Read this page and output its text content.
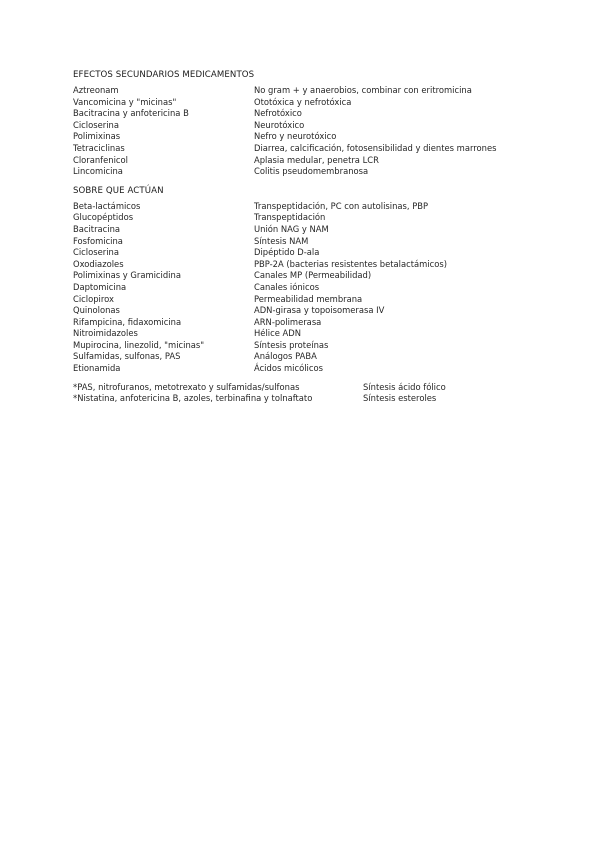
EFECTOS SECUNDARIOS MEDICAMENTOS
Aztreonam	No gram + y anaerobios, combinar con eritromicina
Vancomicina y "micinas"	Ototóxica y nefrotóxica
Bacitracina y anfotericina B	Nefrotóxico
Cicloserina	Neurotóxico
Polimixinas	Nefro y neurotóxico
Tetraciclinas	Diarrea, calcificación, fotosensibilidad y dientes marrones
Cloranfenicol	Aplasia medular, penetra LCR
Lincomicina	Colitis pseudomembranosa
SOBRE QUE ACTÚAN
Beta-lactámicos	Transpeptidación, PC con autolisinas, PBP
Glucopéptidos	Transpeptidación
Bacitracina	Unión NAG y NAM
Fosfomicina	Síntesis NAM
Cicloserina	Dipéptido D-ala
Oxodiazoles	PBP-2A (bacterias resistentes betalactámicos)
Polimixinas y Gramicidina	Canales MP (Permeabilidad)
Daptomicina	Canales iónicos
Ciclopirox	Permeabilidad membrana
Quinolonas	ADN-girasa y topoisomerasa IV
Rifampicina, fidaxomicina	ARN-polimerasa
Nitroimidazoles	Hélice ADN
Mupirocina, linezolid, "micinas"	Síntesis proteínas
Sulfamidas, sulfonas, PAS	Análogos PABA
Etionamida	Ácidos micólicos
*PAS, nitrofuranos, metotrexato y sulfamidas/sulfonas	Síntesis ácido fólico
*Nistatina, anfotericina B, azoles, terbinafina y tolnaftato	Síntesis esteroles
